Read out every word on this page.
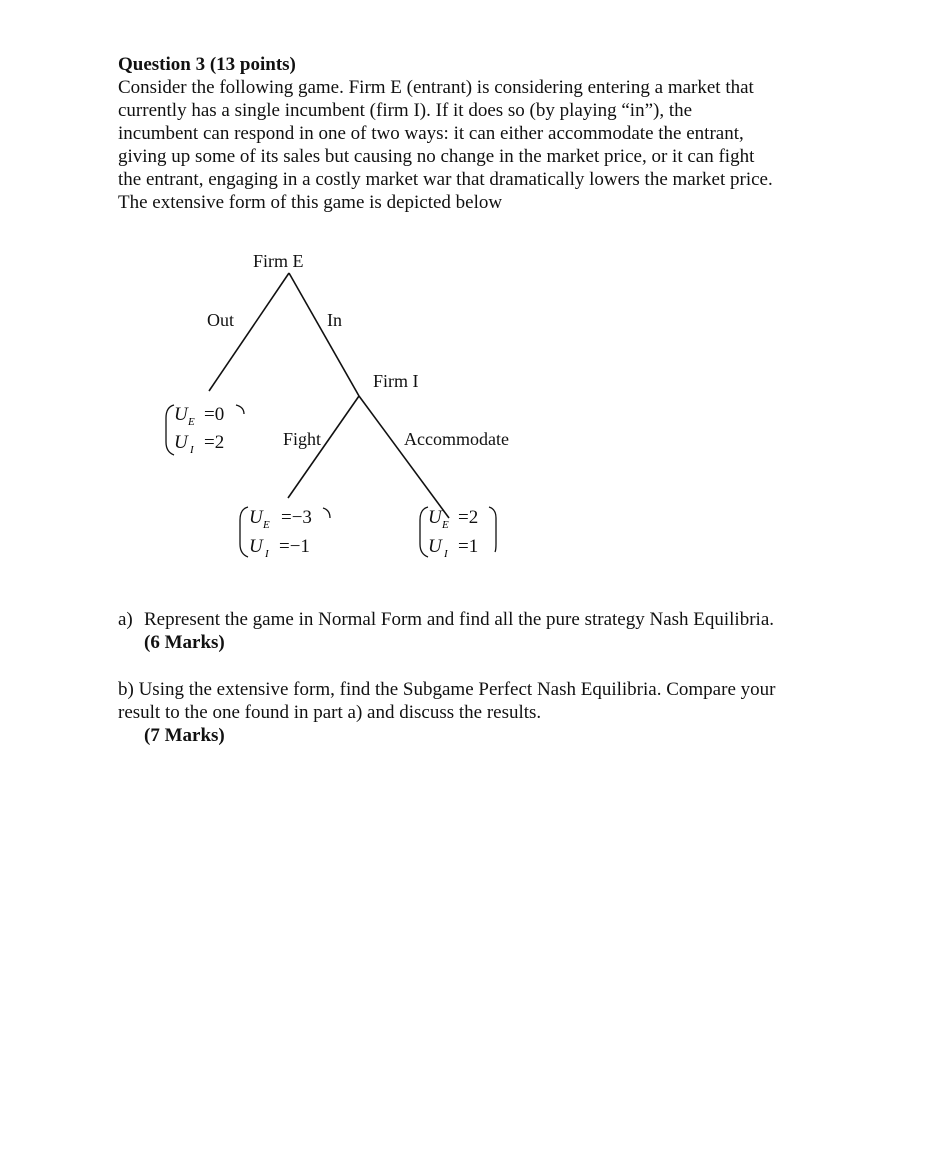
Question 3 (13 points)

Consider the following game. Firm E (entrant) is considering entering a market that
currently has a single incumbent (firm I). If it does so (by playing “in”), the
incumbent can respond in one of two ways: it can either accommodate the entrant,
giving up some of its sales but causing no change in the market price, or it can fight
the entrant, engaging in a costly market war that dramatically lowers the market price.
The extensive form of this game is depicted below

Firm E
Out	In
Firm I
Fight	Accommodate
U E =0
U I =2
U E =−3
U I =−1
U E =2
U I =1

a) Represent the game in Normal Form and find all the pure strategy Nash Equilibria.

(6 Marks)

b) Using the extensive form, find the Subgame Perfect Nash Equilibria. Compare your
result to the one found in part a) and discuss the results.

(7 Marks)
